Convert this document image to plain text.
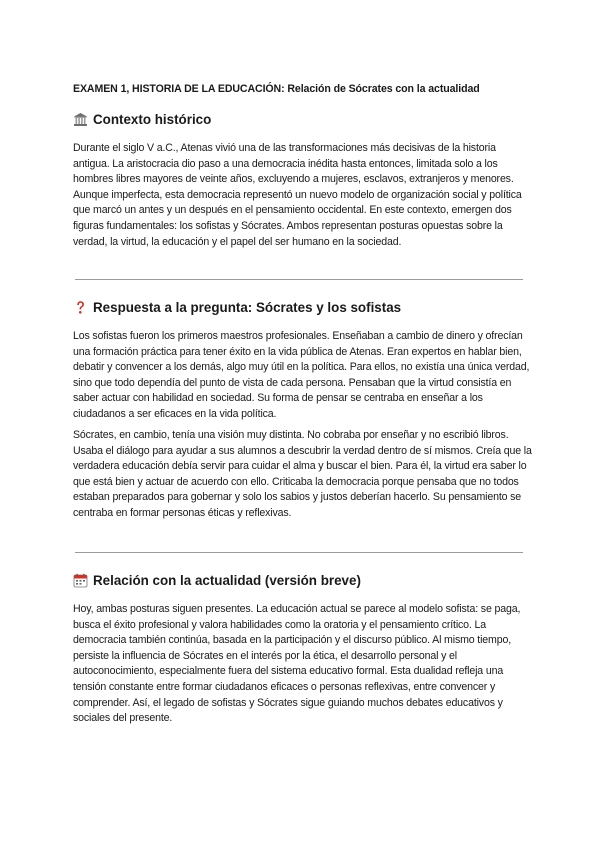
EXAMEN 1, HISTORIA DE LA EDUCACIÓN: Relación de Sócrates con la actualidad
Contexto histórico

Durante el siglo V a.C., Atenas vivió una de las transformaciones más decisivas de la historia antigua. La aristocracia dio paso a una democracia inédita hasta entonces, limitada solo a los hombres libres mayores de veinte años, excluyendo a mujeres, esclavos, extranjeros y menores. Aunque imperfecta, esta democracia representó un nuevo modelo de organización social y política que marcó un antes y un después en el pensamiento occidental. En este contexto, emergen dos figuras fundamentales: los sofistas y Sócrates. Ambos representan posturas opuestas sobre la verdad, la virtud, la educación y el papel del ser humano en la sociedad.

Respuesta a la pregunta: Sócrates y los sofistas

Los sofistas fueron los primeros maestros profesionales. Enseñaban a cambio de dinero y ofrecían una formación práctica para tener éxito en la vida pública de Atenas. Eran expertos en hablar bien, debatir y convencer a los demás, algo muy útil en la política. Para ellos, no existía una única verdad, sino que todo dependía del punto de vista de cada persona. Pensaban que la virtud consistía en saber actuar con habilidad en sociedad. Su forma de pensar se centraba en enseñar a los ciudadanos a ser eficaces en la vida política.

Sócrates, en cambio, tenía una visión muy distinta. No cobraba por enseñar y no escribió libros. Usaba el diálogo para ayudar a sus alumnos a descubrir la verdad dentro de sí mismos. Creía que la verdadera educación debía servir para cuidar el alma y buscar el bien. Para él, la virtud era saber lo que está bien y actuar de acuerdo con ello. Criticaba la democracia porque pensaba que no todos estaban preparados para gobernar y solo los sabios y justos deberían hacerlo. Su pensamiento se centraba en formar personas éticas y reflexivas.

Relación con la actualidad (versión breve)

Hoy, ambas posturas siguen presentes. La educación actual se parece al modelo sofista: se paga, busca el éxito profesional y valora habilidades como la oratoria y el pensamiento crítico. La democracia también continúa, basada en la participación y el discurso público. Al mismo tiempo, persiste la influencia de Sócrates en el interés por la ética, el desarrollo personal y el autoconocimiento, especialmente fuera del sistema educativo formal. Esta dualidad refleja una tensión constante entre formar ciudadanos eficaces o personas reflexivas, entre convencer y comprender. Así, el legado de sofistas y Sócrates sigue guiando muchos debates educativos y sociales del presente.
